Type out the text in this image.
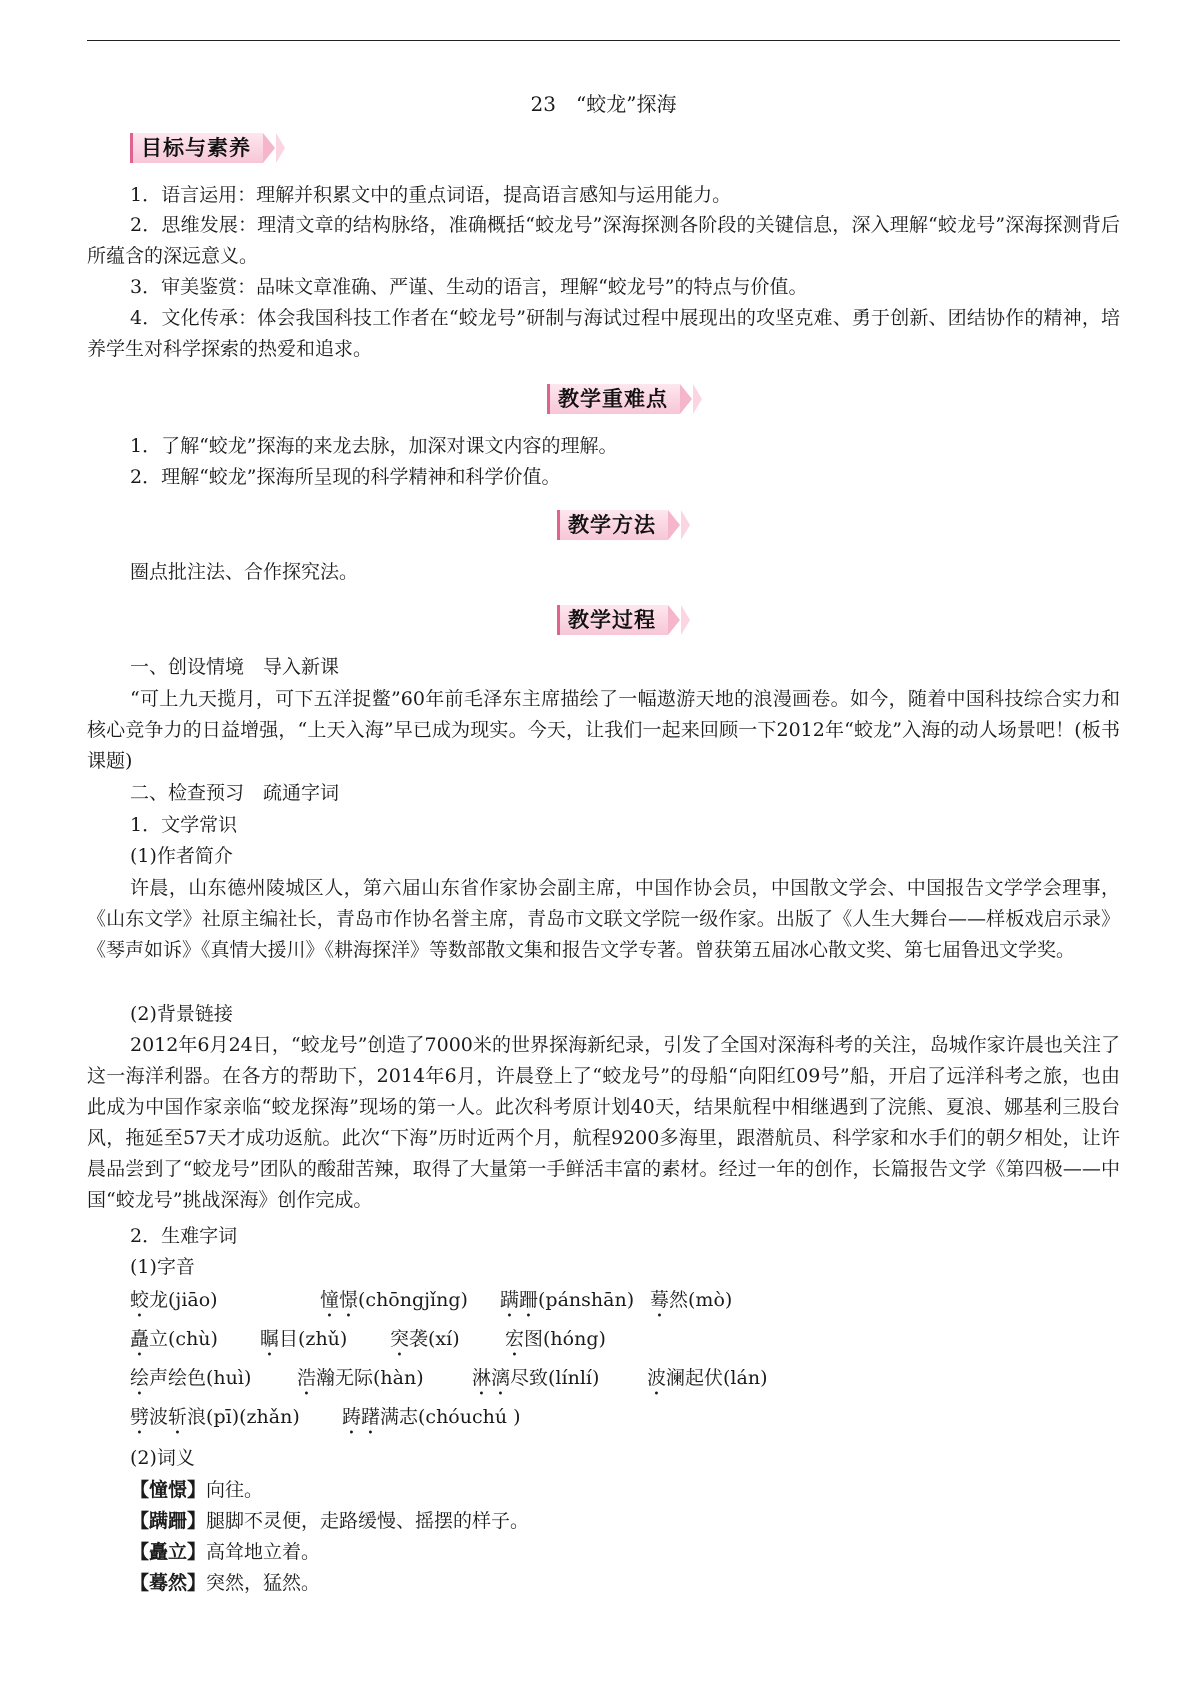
23　“蛟龙”探海
目标与素养
1．语言运用：理解并积累文中的重点词语，提高语言感知与运用能力。
2．思维发展：理清文章的结构脉络，准确概括“蛟龙号”深海探测各阶段的关键信息，深入理解“蛟龙号”深海探测背后所蕴含的深远意义。
3．审美鉴赏：品味文章准确、严谨、生动的语言，理解“蛟龙号”的特点与价值。
4．文化传承：体会我国科技工作者在“蛟龙号”研制与海试过程中展现出的攻坚克难、勇于创新、团结协作的精神，培养学生对科学探索的热爱和追求。
教学重难点
1．了解“蛟龙”探海的来龙去脉，加深对课文内容的理解。
2．理解“蛟龙”探海所呈现的科学精神和科学价值。
教学方法
圈点批注法、合作探究法。
教学过程
一、创设情境　导入新课
“可上九天揽月，可下五洋捉鳖”60年前毛泽东主席描绘了一幅遨游天地的浪漫画卷。如今，随着中国科技综合实力和核心竞争力的日益增强，“上天入海”早已成为现实。今天，让我们一起来回顾一下2012年“蛟龙”入海的动人场景吧！(板书课题)
二、检查预习　疏通字词
1．文学常识
(1)作者简介
许晨，山东德州陵城区人，第六届山东省作家协会副主席，中国作协会员，中国散文学会、中国报告文学学会理事，《山东文学》社原主编社长，青岛市作协名誉主席，青岛市文联文学院一级作家。出版了《人生大舞台——样板戏启示录》《琴声如诉》《真情大援川》《耕海探洋》等数部散文集和报告文学专著。曾获第五届冰心散文奖、第七届鲁迅文学奖。
(2)背景链接
2012年6月24日，“蛟龙号”创造了7000米的世界探海新纪录，引发了全国对深海科考的关注，岛城作家许晨也关注了这一海洋利器。在各方的帮助下，2014年6月，许晨登上了“蛟龙号”的母船“向阳红09号”船，开启了远洋科考之旅，也由此成为中国作家亲临“蛟龙探海”现场的第一人。此次科考原计划40天，结果航程中相继遇到了浣熊、夏浪、娜基利三股台风，拖延至57天才成功返航。此次“下海”历时近两个月，航程9200多海里，跟潜航员、科学家和水手们的朝夕相处，让许晨品尝到了“蛟龙号”团队的酸甜苦辣，取得了大量第一手鲜活丰富的素材。经过一年的创作，长篇报告文学《第四极——中国“蛟龙号”挑战深海》创作完成。
2．生难字词
(1)字音
蛟龙(jiāo)	憧憬(chōngjǐng) 蹒跚(pánshān) 蓦然(mò)
矗立(chù) 瞩目(zhǔ) 突袭(xí) 宏图(hóng)
绘声绘色(huì) 浩瀚无际(hàn)	淋漓尽致(línlí)	波澜起伏(lán)
劈波斩浪(pī)(zhǎn) 踌躇满志(chóuchú )
(2)词义
【憧憬】向往。
【蹒跚】腿脚不灵便，走路缓慢、摇摆的样子。
【矗立】高耸地立着。
【蓦然】突然，猛然。
